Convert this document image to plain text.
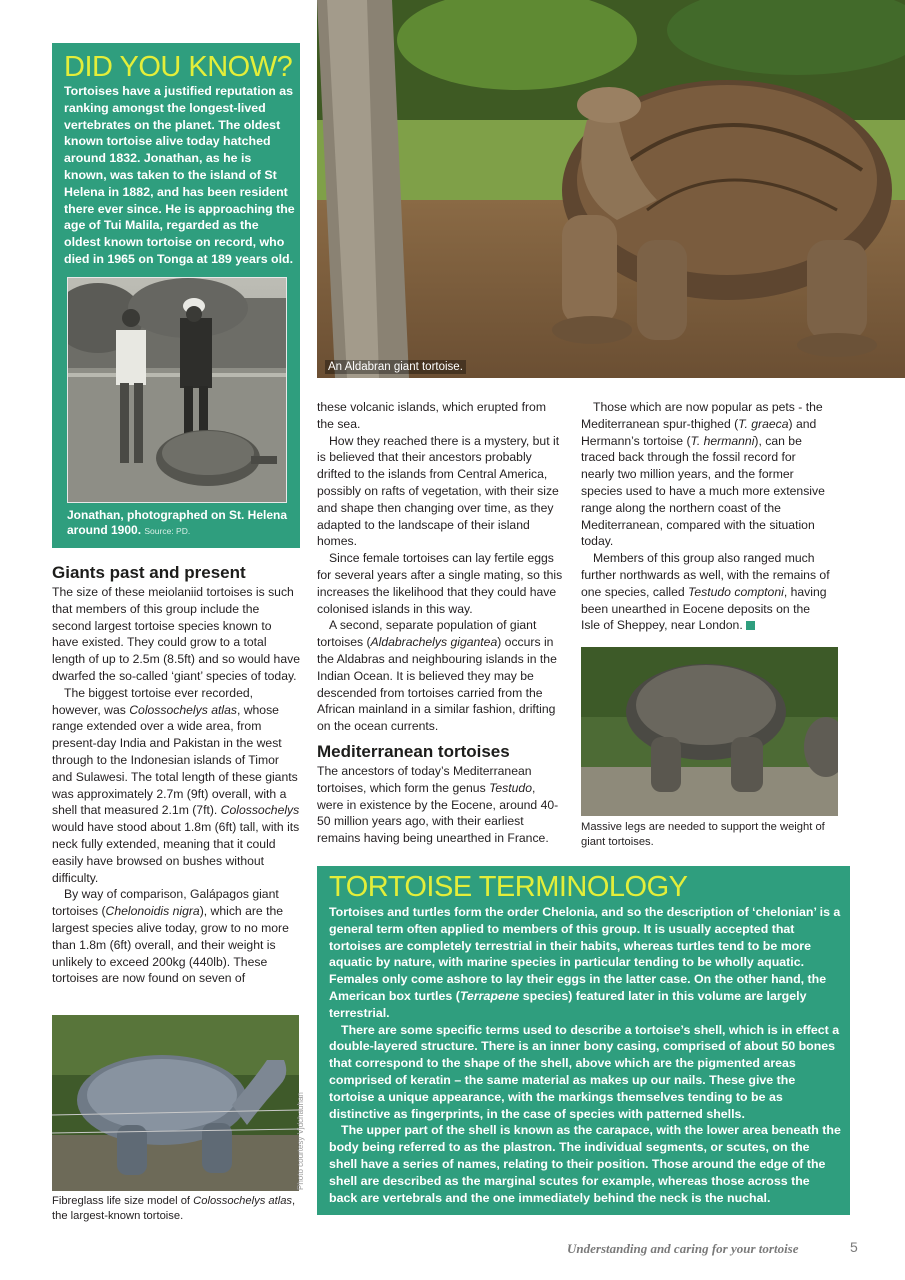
DID YOU KNOW?
Tortoises have a justified reputation as ranking amongst the longest-lived vertebrates on the planet. The oldest known tortoise alive today hatched around 1832. Jonathan, as he is known, was taken to the island of St Helena in 1882, and has been resident there ever since. He is approaching the age of Tui Malila, regarded as the oldest known tortoise on record, who died in 1965 on Tonga at 189 years old.
Jonathan, photographed on St. Helena around 1900. Source: PD.
An Aldabran giant tortoise.
Giants past and present

The size of these meiolaniid tortoises is such that members of this group include the second largest tortoise species known to have existed. They could grow to a total length of up to 2.5m (8.5ft) and so would have dwarfed the so-called ‘giant’ species of today.

The biggest tortoise ever recorded, however, was Colossochelys atlas, whose range extended over a wide area, from present-day India and Pakistan in the west through to the Indonesian islands of Timor and Sulawesi. The total length of these giants was approximately 2.7m (9ft) overall, with a shell that measured 2.1m (7ft). Colossochelys would have stood about 1.8m (6ft) tall, with its neck fully extended, meaning that it could easily have browsed on bushes without difficulty.

By way of comparison, Galápagos giant tortoises (Chelonoidis nigra), which are the largest species alive today, grow to no more than 1.8m (6ft) overall, and their weight is unlikely to exceed 200kg (440lb). These tortoises are now found on seven of

Photo courtesy Vjdchauhan
Fibreglass life size model of Colossochelys atlas, the largest-known tortoise.

these volcanic islands, which erupted from the sea.

How they reached there is a mystery, but it is believed that their ancestors probably drifted to the islands from Central America, possibly on rafts of vegetation, with their size and shape then changing over time, as they adapted to the landscape of their island homes.

Since female tortoises can lay fertile eggs for several years after a single mating, so this increases the likelihood that they could have colonised islands in this way.

A second, separate population of giant tortoises (Aldabrachelys gigantea) occurs in the Aldabras and neighbouring islands in the Indian Ocean. It is believed they may be descended from tortoises carried from the African mainland in a similar fashion, drifting on the ocean currents.

Mediterranean tortoises

The ancestors of today’s Mediterranean tortoises, which form the genus Testudo, were in existence by the Eocene, around 40-50 million years ago, with their earliest remains having being unearthed in France.

Those which are now popular as pets - the Mediterranean spur-thighed (T. graeca) and Hermann’s tortoise (T. hermanni), can be traced back through the fossil record for nearly two million years, and the former species used to have a much more extensive range along the northern coast of the Mediterranean, compared with the situation today.

Members of this group also ranged much further northwards as well, with the remains of one species, called Testudo comptoni, having been unearthed in Eocene deposits on the Isle of Sheppey, near London.

Massive legs are needed to support the weight of giant tortoises.
TORTOISE TERMINOLOGY

Tortoises and turtles form the order Chelonia, and so the description of ‘chelonian’ is a general term often applied to members of this group. It is usually accepted that tortoises are completely terrestrial in their habits, whereas turtles tend to be more aquatic by nature, with marine species in particular tending to be wholly aquatic. Females only come ashore to lay their eggs in the latter case. On the other hand, the American box turtles (Terrapene species) featured later in this volume are largely terrestrial.

There are some specific terms used to describe a tortoise’s shell, which is in effect a double-layered structure. There is an inner bony casing, comprised of about 50 bones that correspond to the shape of the shell, above which are the pigmented areas comprised of keratin – the same material as makes up our nails. These give the tortoise a unique appearance, with the markings themselves tending to be as distinctive as fingerprints, in the case of species with patterned shells.

The upper part of the shell is known as the carapace, with the lower area beneath the body being referred to as the plastron. The individual segments, or scutes, on the shell have a series of names, relating to their position. Those around the edge of the shell are described as the marginal scutes for example, whereas those across the back are vertebrals and the one immediately behind the neck is the nuchal.

Understanding and caring for your tortoise	5
